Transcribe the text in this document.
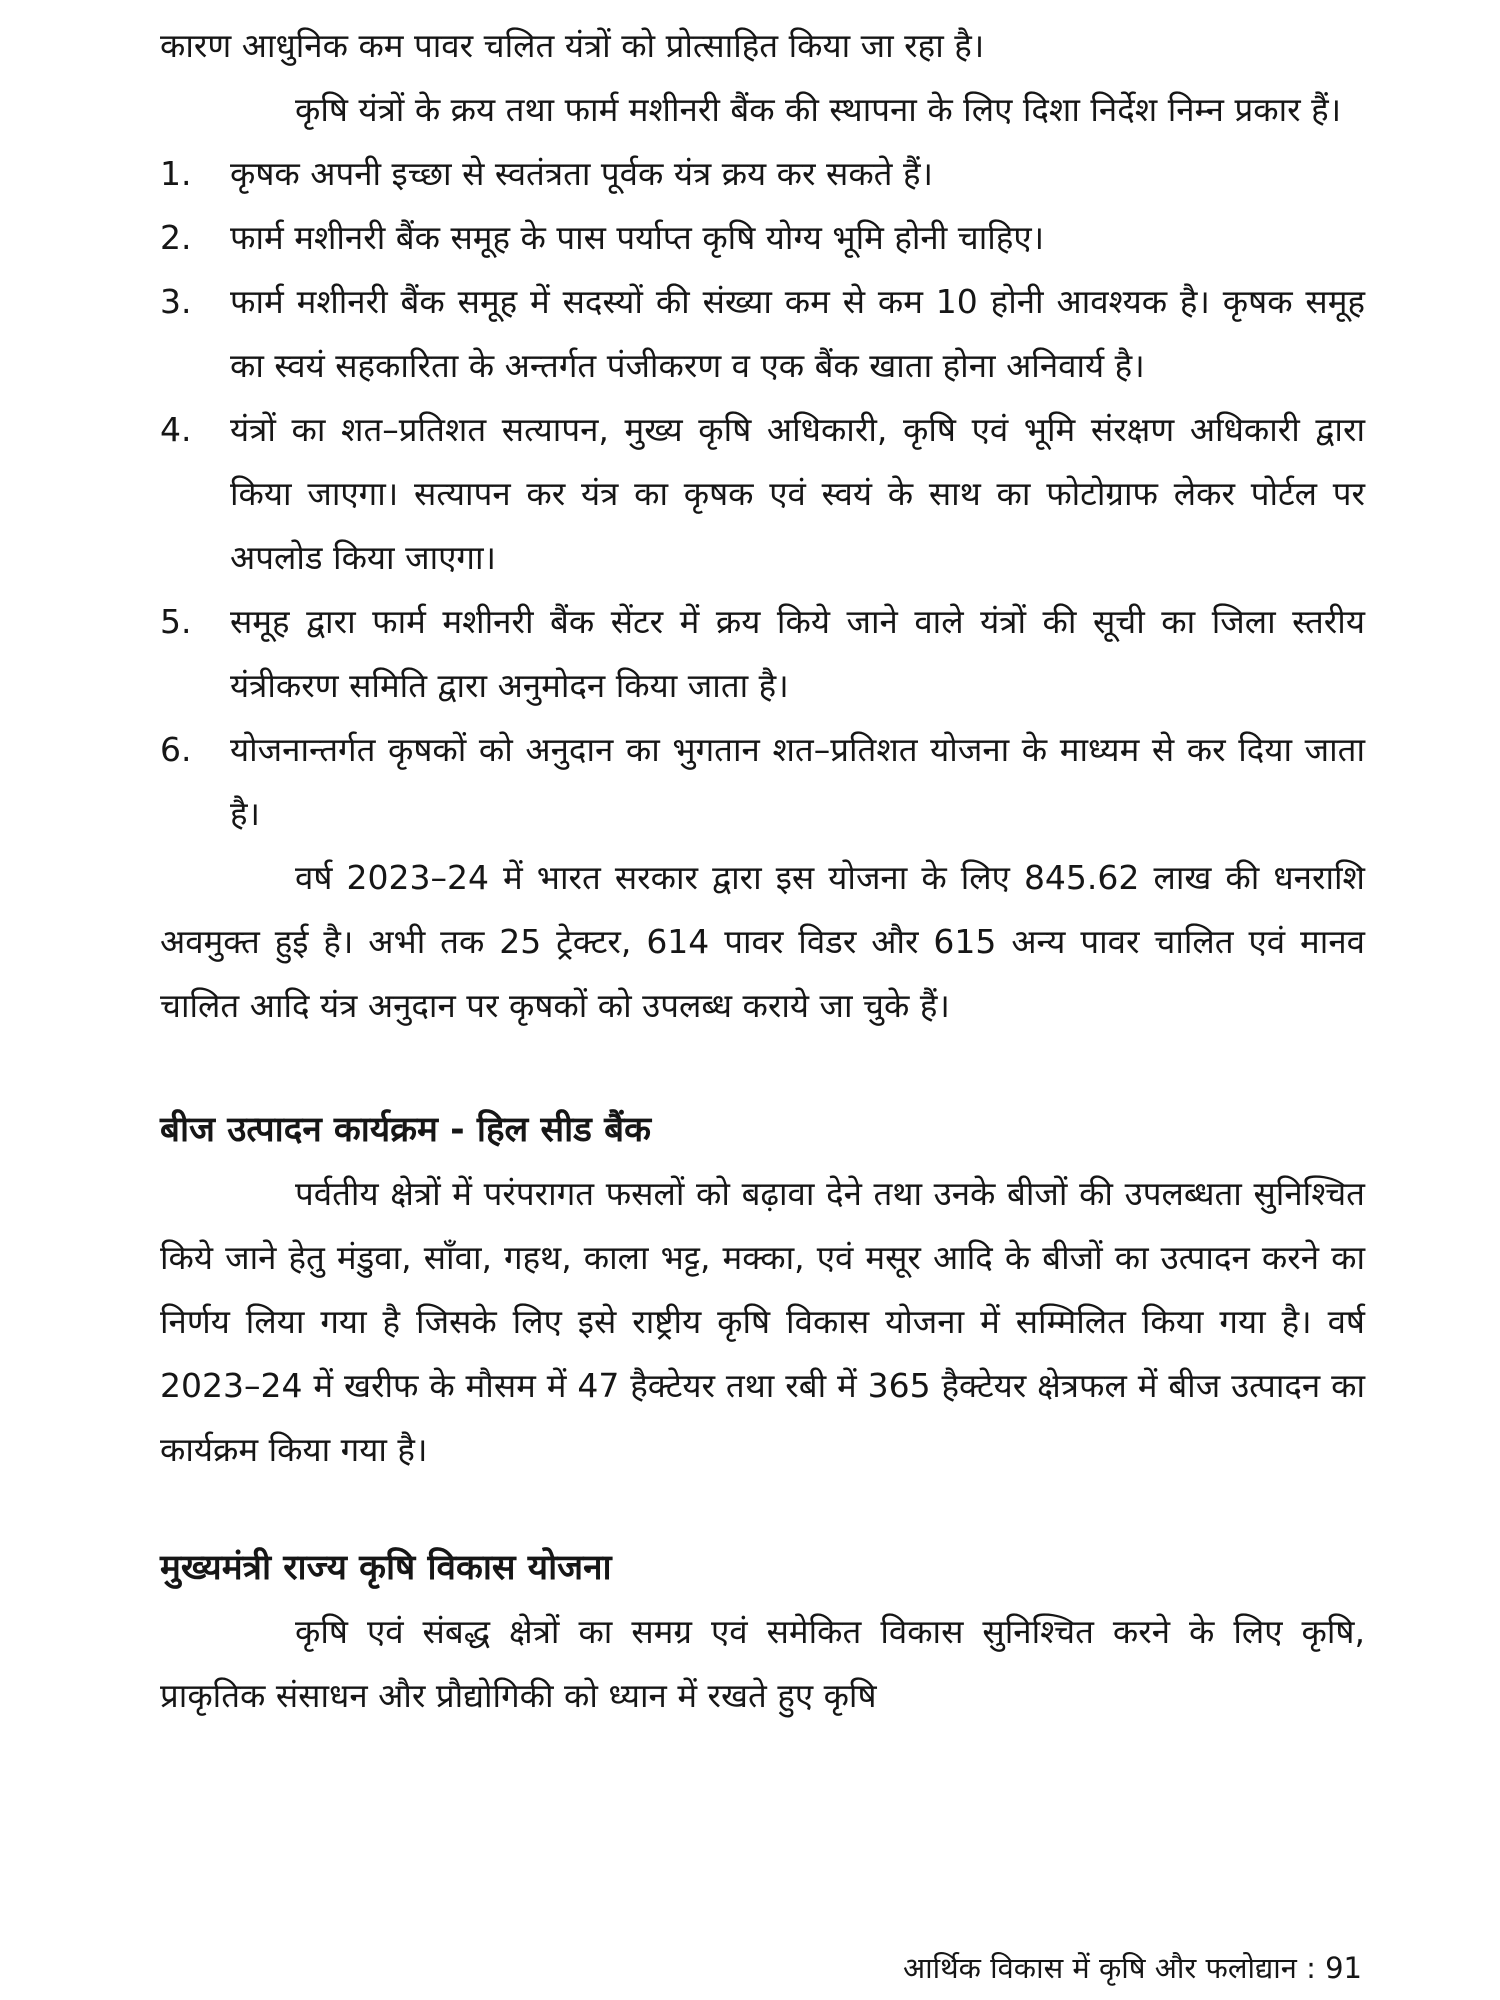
कारण आधुनिक कम पावर चलित यंत्रों को प्रोत्साहित किया जा रहा है।

कृषि यंत्रों के क्रय तथा फार्म मशीनरी बैंक की स्थापना के लिए दिशा निर्देश निम्न प्रकार हैं।

1.	कृषक अपनी इच्छा से स्वतंत्रता पूर्वक यंत्र क्रय कर सकते हैं।
2.	फार्म मशीनरी बैंक समूह के पास पर्याप्त कृषि योग्य भूमि होनी चाहिए।
3.	फार्म मशीनरी बैंक समूह में सदस्यों की संख्या कम से कम 10 होनी आवश्यक है। कृषक समूह का स्वयं सहकारिता के अन्तर्गत पंजीकरण व एक बैंक खाता होना अनिवार्य है।
4.	यंत्रों का शत–प्रतिशत सत्यापन, मुख्य कृषि अधिकारी, कृषि एवं भूमि संरक्षण अधिकारी द्वारा किया जाएगा। सत्यापन कर यंत्र का कृषक एवं स्वयं के साथ का फोटोग्राफ लेकर पोर्टल पर अपलोड किया जाएगा।
5.	समूह द्वारा फार्म मशीनरी बैंक सेंटर में क्रय किये जाने वाले यंत्रों की सूची का जिला स्तरीय यंत्रीकरण समिति द्वारा अनुमोदन किया जाता है।
6.	योजनान्तर्गत कृषकों को अनुदान का भुगतान शत–प्रतिशत योजना के माध्यम से कर दिया जाता है।

वर्ष 2023–24 में भारत सरकार द्वारा इस योजना के लिए 845.62 लाख की धनराशि अवमुक्त हुई है। अभी तक 25 ट्रेक्टर, 614 पावर विडर और 615 अन्य पावर चालित एवं मानव चालित आदि यंत्र अनुदान पर कृषकों को उपलब्ध कराये जा चुके हैं।

बीज उत्पादन कार्यक्रम - हिल सीड बैंक

पर्वतीय क्षेत्रों में परंपरागत फसलों को बढ़ावा देने तथा उनके बीजों की उपलब्धता सुनिश्चित किये जाने हेतु मंडुवा, साँवा, गहथ, काला भट्ट, मक्का, एवं मसूर आदि के बीजों का उत्पादन करने का निर्णय लिया गया है जिसके लिए इसे राष्ट्रीय कृषि विकास योजना में सम्मिलित किया गया है। वर्ष 2023–24 में खरीफ के मौसम में 47 हैक्टेयर तथा रबी में 365 हैक्टेयर क्षेत्रफल में बीज उत्पादन का कार्यक्रम किया गया है।

मुख्यमंत्री राज्य कृषि विकास योजना

कृषि एवं संबद्ध क्षेत्रों का समग्र एवं समेकित विकास सुनिश्चित करने के लिए कृषि, प्राकृतिक संसाधन और प्रौद्योगिकी को ध्यान में रखते हुए कृषि

आर्थिक विकास में कृषि और फलोद्यान : 91
